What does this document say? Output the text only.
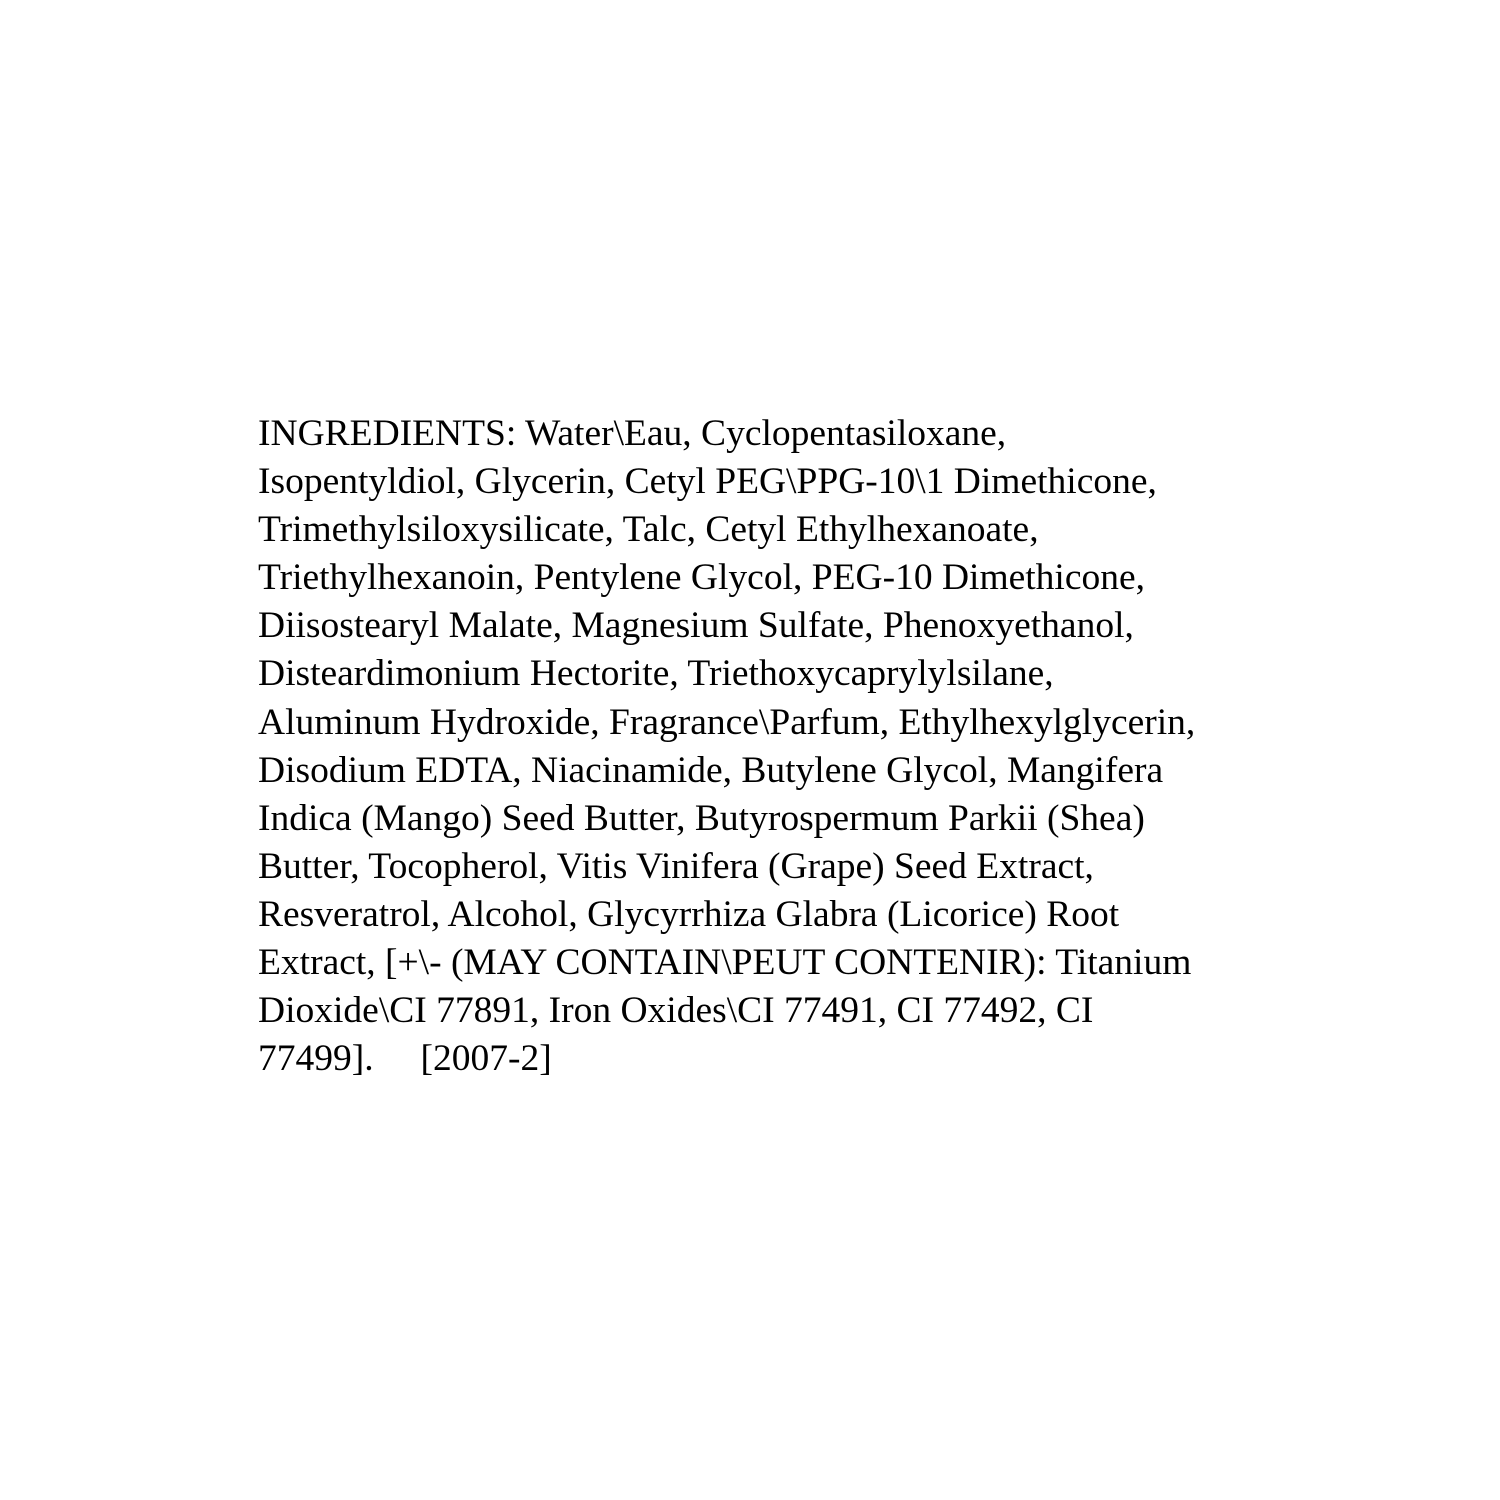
INGREDIENTS: Water\Eau, Cyclopentasiloxane,
Isopentyldiol, Glycerin, Cetyl PEG\PPG-10\1 Dimethicone,
Trimethylsiloxysilicate, Talc, Cetyl Ethylhexanoate,
Triethylhexanoin, Pentylene Glycol, PEG-10 Dimethicone,
Diisostearyl Malate, Magnesium Sulfate, Phenoxyethanol,
Disteardimonium Hectorite, Triethoxycaprylylsilane,
Aluminum Hydroxide, Fragrance\Parfum, Ethylhexylglycerin,
Disodium EDTA, Niacinamide, Butylene Glycol, Mangifera
Indica (Mango) Seed Butter, Butyrospermum Parkii (Shea)
Butter, Tocopherol, Vitis Vinifera (Grape) Seed Extract,
Resveratrol, Alcohol, Glycyrrhiza Glabra (Licorice) Root
Extract, [+\- (MAY CONTAIN\PEUT CONTENIR): Titanium
Dioxide\CI 77891, Iron Oxides\CI 77491, CI 77492, CI
77499].     [2007-2]
